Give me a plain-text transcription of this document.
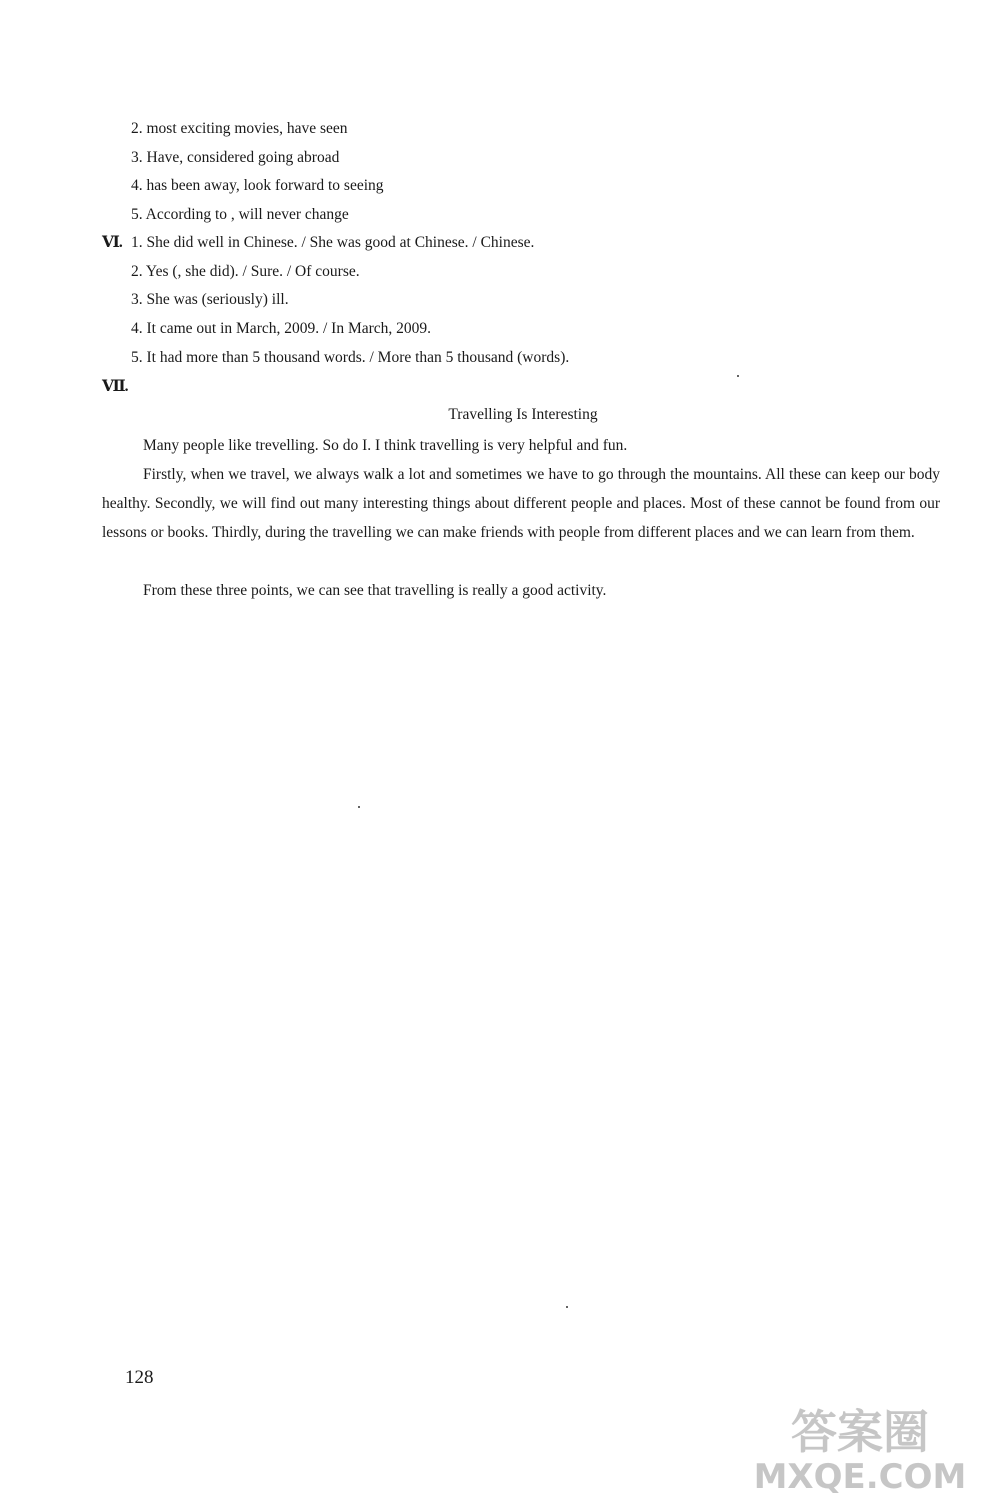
2. most exciting movies, have seen
3. Have, considered going abroad
4. has been away, look forward to seeing
5. According to , will never change
Ⅵ. 1. She did well in Chinese. / She was good at Chinese. / Chinese.
2. Yes (, she did). / Sure. / Of course.
3. She was (seriously) ill.
4. It came out in March, 2009. / In March, 2009.
5. It had more than 5 thousand words. / More than 5 thousand (words).
Ⅶ.
Travelling Is Interesting
Many people like trevelling. So do I. I think travelling is very helpful and fun.
Firstly, when we travel, we always walk a lot and sometimes we have to go through the mountains. All these can keep our body healthy. Secondly, we will find out many interesting things about different people and places. Most of these cannot be found from our lessons or books. Thirdly, during the travelling we can make friends with people from different places and we can learn from them.
From these three points, we can see that travelling is really a good activity.
128
答案圈
MXQE.COM
